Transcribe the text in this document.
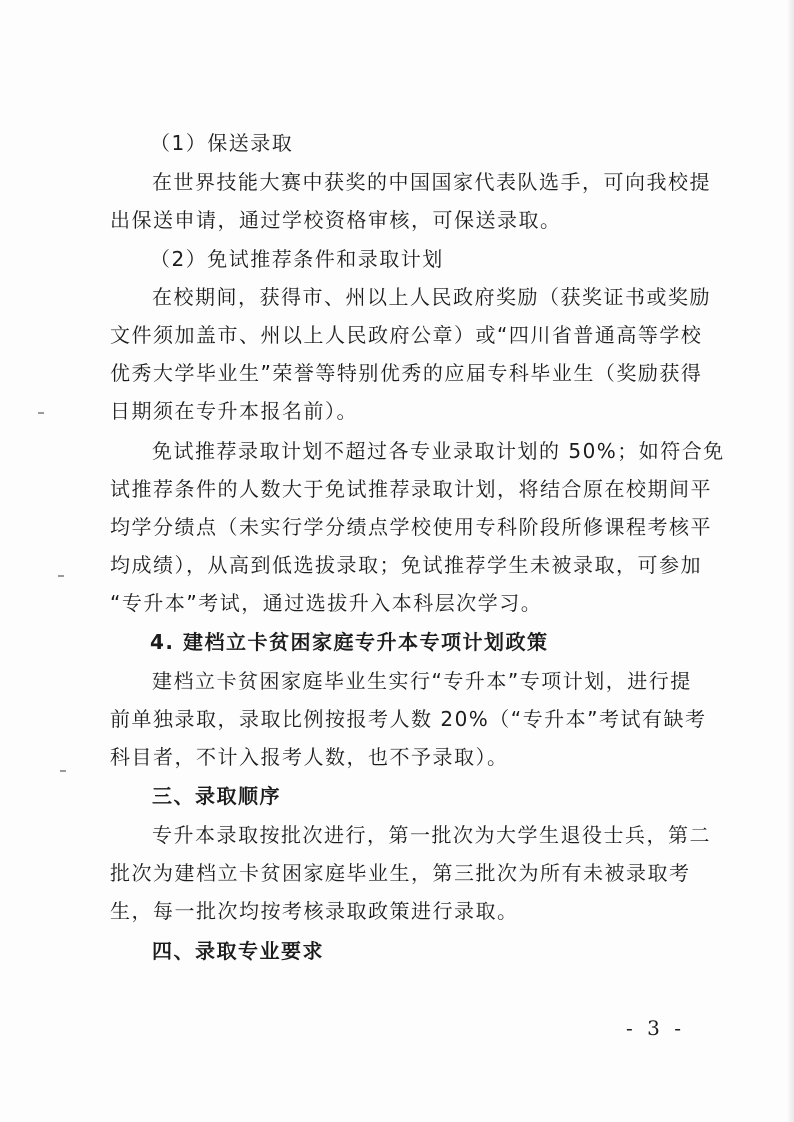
（1）保送录取
在世界技能大赛中获奖的中国国家代表队选手，可向我校提
出保送申请，通过学校资格审核，可保送录取。
（2）免试推荐条件和录取计划
在校期间，获得市、州以上人民政府奖励（获奖证书或奖励
文件须加盖市、州以上人民政府公章）或“四川省普通高等学校
优秀大学毕业生”荣誉等特别优秀的应届专科毕业生（奖励获得
日期须在专升本报名前）。
免试推荐录取计划不超过各专业录取计划的 50%；如符合免
试推荐条件的人数大于免试推荐录取计划，将结合原在校期间平
均学分绩点（未实行学分绩点学校使用专科阶段所修课程考核平
均成绩），从高到低选拔录取；免试推荐学生未被录取，可参加
“专升本”考试，通过选拔升入本科层次学习。
4. 建档立卡贫困家庭专升本专项计划政策
建档立卡贫困家庭毕业生实行“专升本”专项计划，进行提
前单独录取，录取比例按报考人数 20%（“专升本”考试有缺考
科目者，不计入报考人数，也不予录取）。
三、录取顺序
专升本录取按批次进行，第一批次为大学生退役士兵，第二
批次为建档立卡贫困家庭毕业生，第三批次为所有未被录取考
生，每一批次均按考核录取政策进行录取。
四、录取专业要求
- 3 -
